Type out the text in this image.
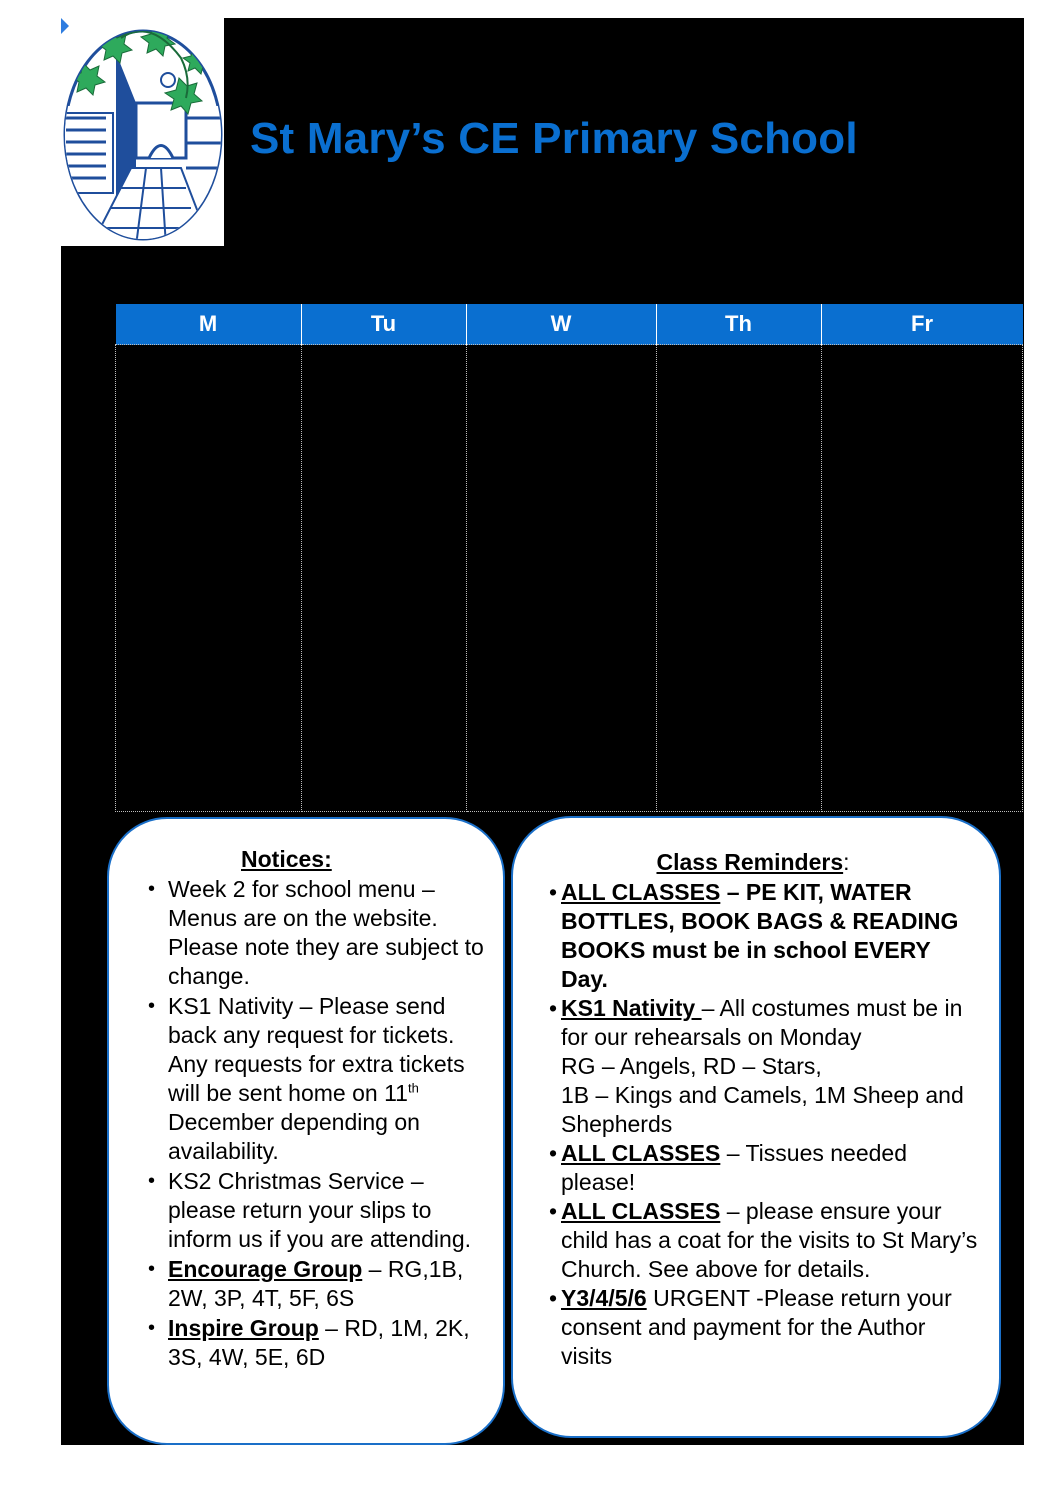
St Mary’s CE Primary School
M	Tu	W	Th	Fr

Notices:
• Week 2 for school menu – Menus are on the website. Please note they are subject to change.
• KS1 Nativity – Please send back any request for tickets. Any requests for extra tickets will be sent home on 11th December depending on availability.
• KS2 Christmas Service – please return your slips to inform us if you are attending.
• Encourage Group – RG,1B, 2W, 3P, 4T, 5F, 6S
• Inspire Group – RD, 1M, 2K, 3S, 4W, 5E, 6D
Class Reminders:
• ALL CLASSES – PE KIT, WATER BOTTLES, BOOK BAGS & READING BOOKS must be in school EVERY Day.
• KS1 Nativity – All costumes must be in for our rehearsals on Monday
RG – Angels, RD – Stars,
1B – Kings and Camels, 1M Sheep and Shepherds
• ALL CLASSES – Tissues needed please!
• ALL CLASSES – please ensure your child has a coat for the visits to St Mary’s Church. See above for details.
• Y3/4/5/6 URGENT -Please return your consent and payment for the Author visits
